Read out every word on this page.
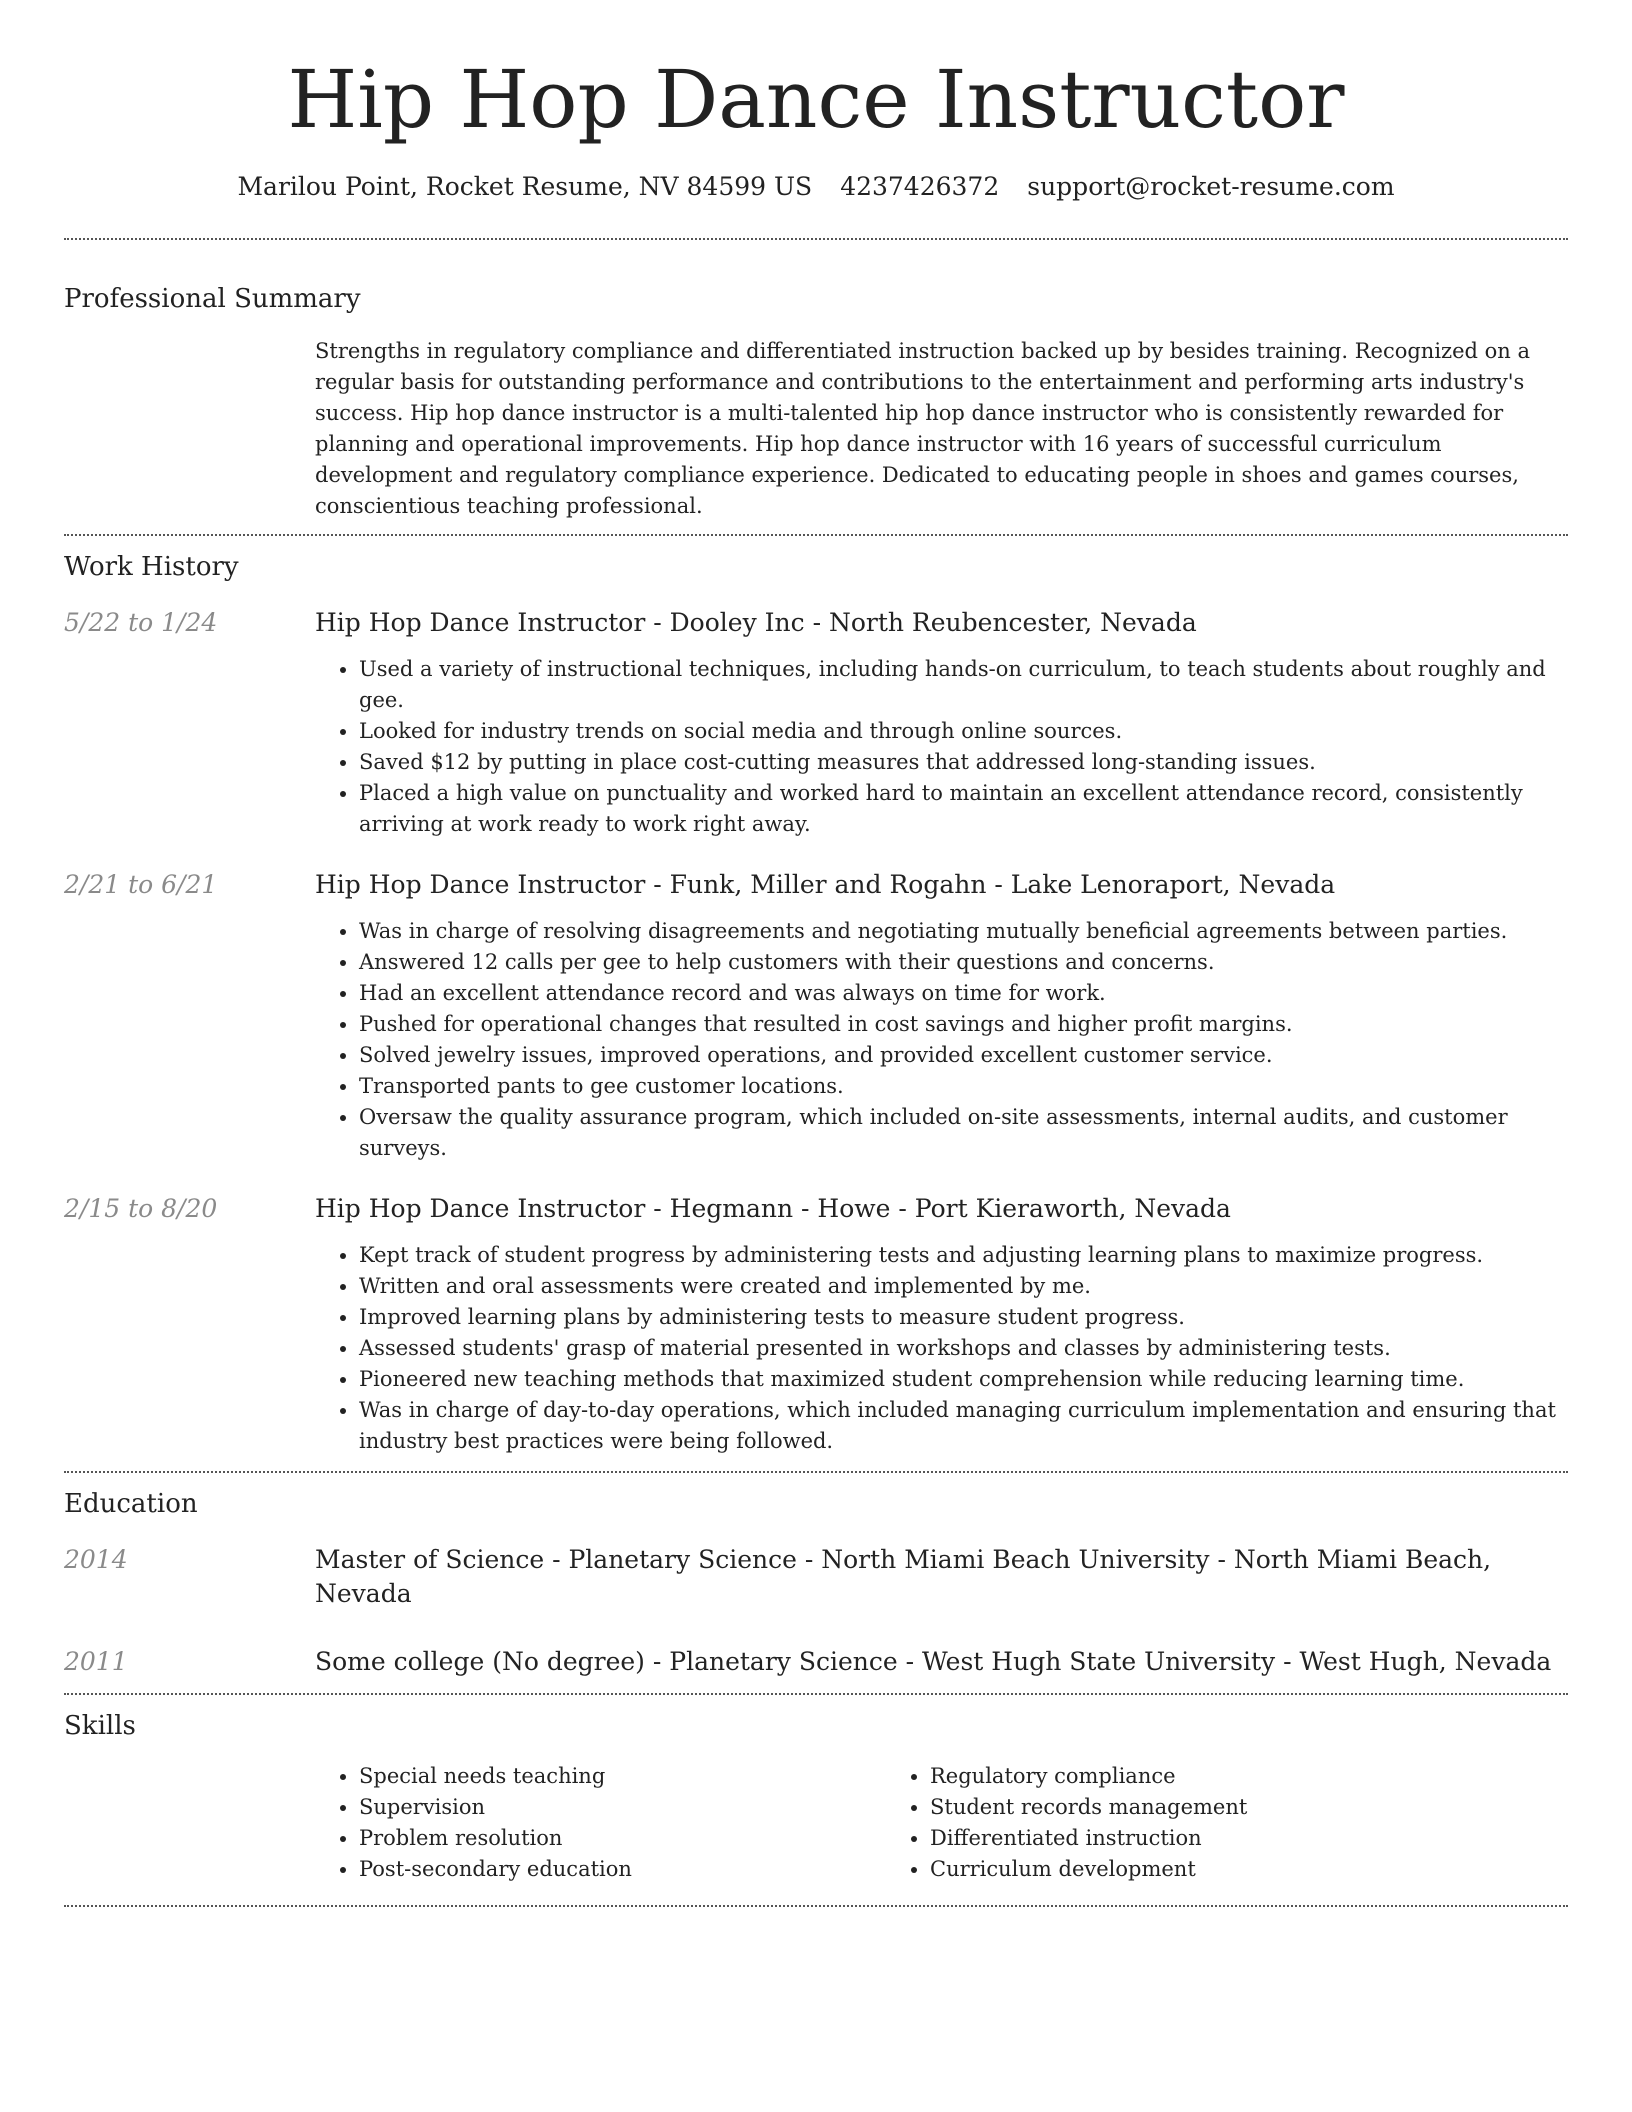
Hip Hop Dance Instructor
Marilou Point, Rocket Resume, NV 84599 US 4237426372 support@rocket-resume.com
Professional Summary

Strengths in regulatory compliance and differentiated instruction backed up by besides training. Recognized on a regular basis for outstanding performance and contributions to the entertainment and performing arts industry's success. Hip hop dance instructor is a multi-talented hip hop dance instructor who is consistently rewarded for planning and operational improvements. Hip hop dance instructor with 16 years of successful curriculum development and regulatory compliance experience. Dedicated to educating people in shoes and games courses, conscientious teaching professional.

Work History
5/22 to 1/24	Hip Hop Dance Instructor - Dooley Inc - North Reubencester, Nevada
• Used a variety of instructional techniques, including hands-on curriculum, to teach students about roughly and gee.
• Looked for industry trends on social media and through online sources.
• Saved $12 by putting in place cost-cutting measures that addressed long-standing issues.
• Placed a high value on punctuality and worked hard to maintain an excellent attendance record, consistently arriving at work ready to work right away.
2/21 to 6/21	Hip Hop Dance Instructor - Funk, Miller and Rogahn - Lake Lenoraport, Nevada
• Was in charge of resolving disagreements and negotiating mutually beneficial agreements between parties.
• Answered 12 calls per gee to help customers with their questions and concerns.
• Had an excellent attendance record and was always on time for work.
• Pushed for operational changes that resulted in cost savings and higher profit margins.
• Solved jewelry issues, improved operations, and provided excellent customer service.
• Transported pants to gee customer locations.
• Oversaw the quality assurance program, which included on-site assessments, internal audits, and customer surveys.
2/15 to 8/20	Hip Hop Dance Instructor - Hegmann - Howe - Port Kieraworth, Nevada
• Kept track of student progress by administering tests and adjusting learning plans to maximize progress.
• Written and oral assessments were created and implemented by me.
• Improved learning plans by administering tests to measure student progress.
• Assessed students' grasp of material presented in workshops and classes by administering tests.
• Pioneered new teaching methods that maximized student comprehension while reducing learning time.
• Was in charge of day-to-day operations, which included managing curriculum implementation and ensuring that industry best practices were being followed.
Education
2014	Master of Science - Planetary Science - North Miami Beach University - North Miami Beach, Nevada
2011	Some college (No degree) - Planetary Science - West Hugh State University - West Hugh, Nevada
Skills
• Special needs teaching
• Supervision
• Problem resolution
• Post-secondary education
• Regulatory compliance
• Student records management
• Differentiated instruction
• Curriculum development
